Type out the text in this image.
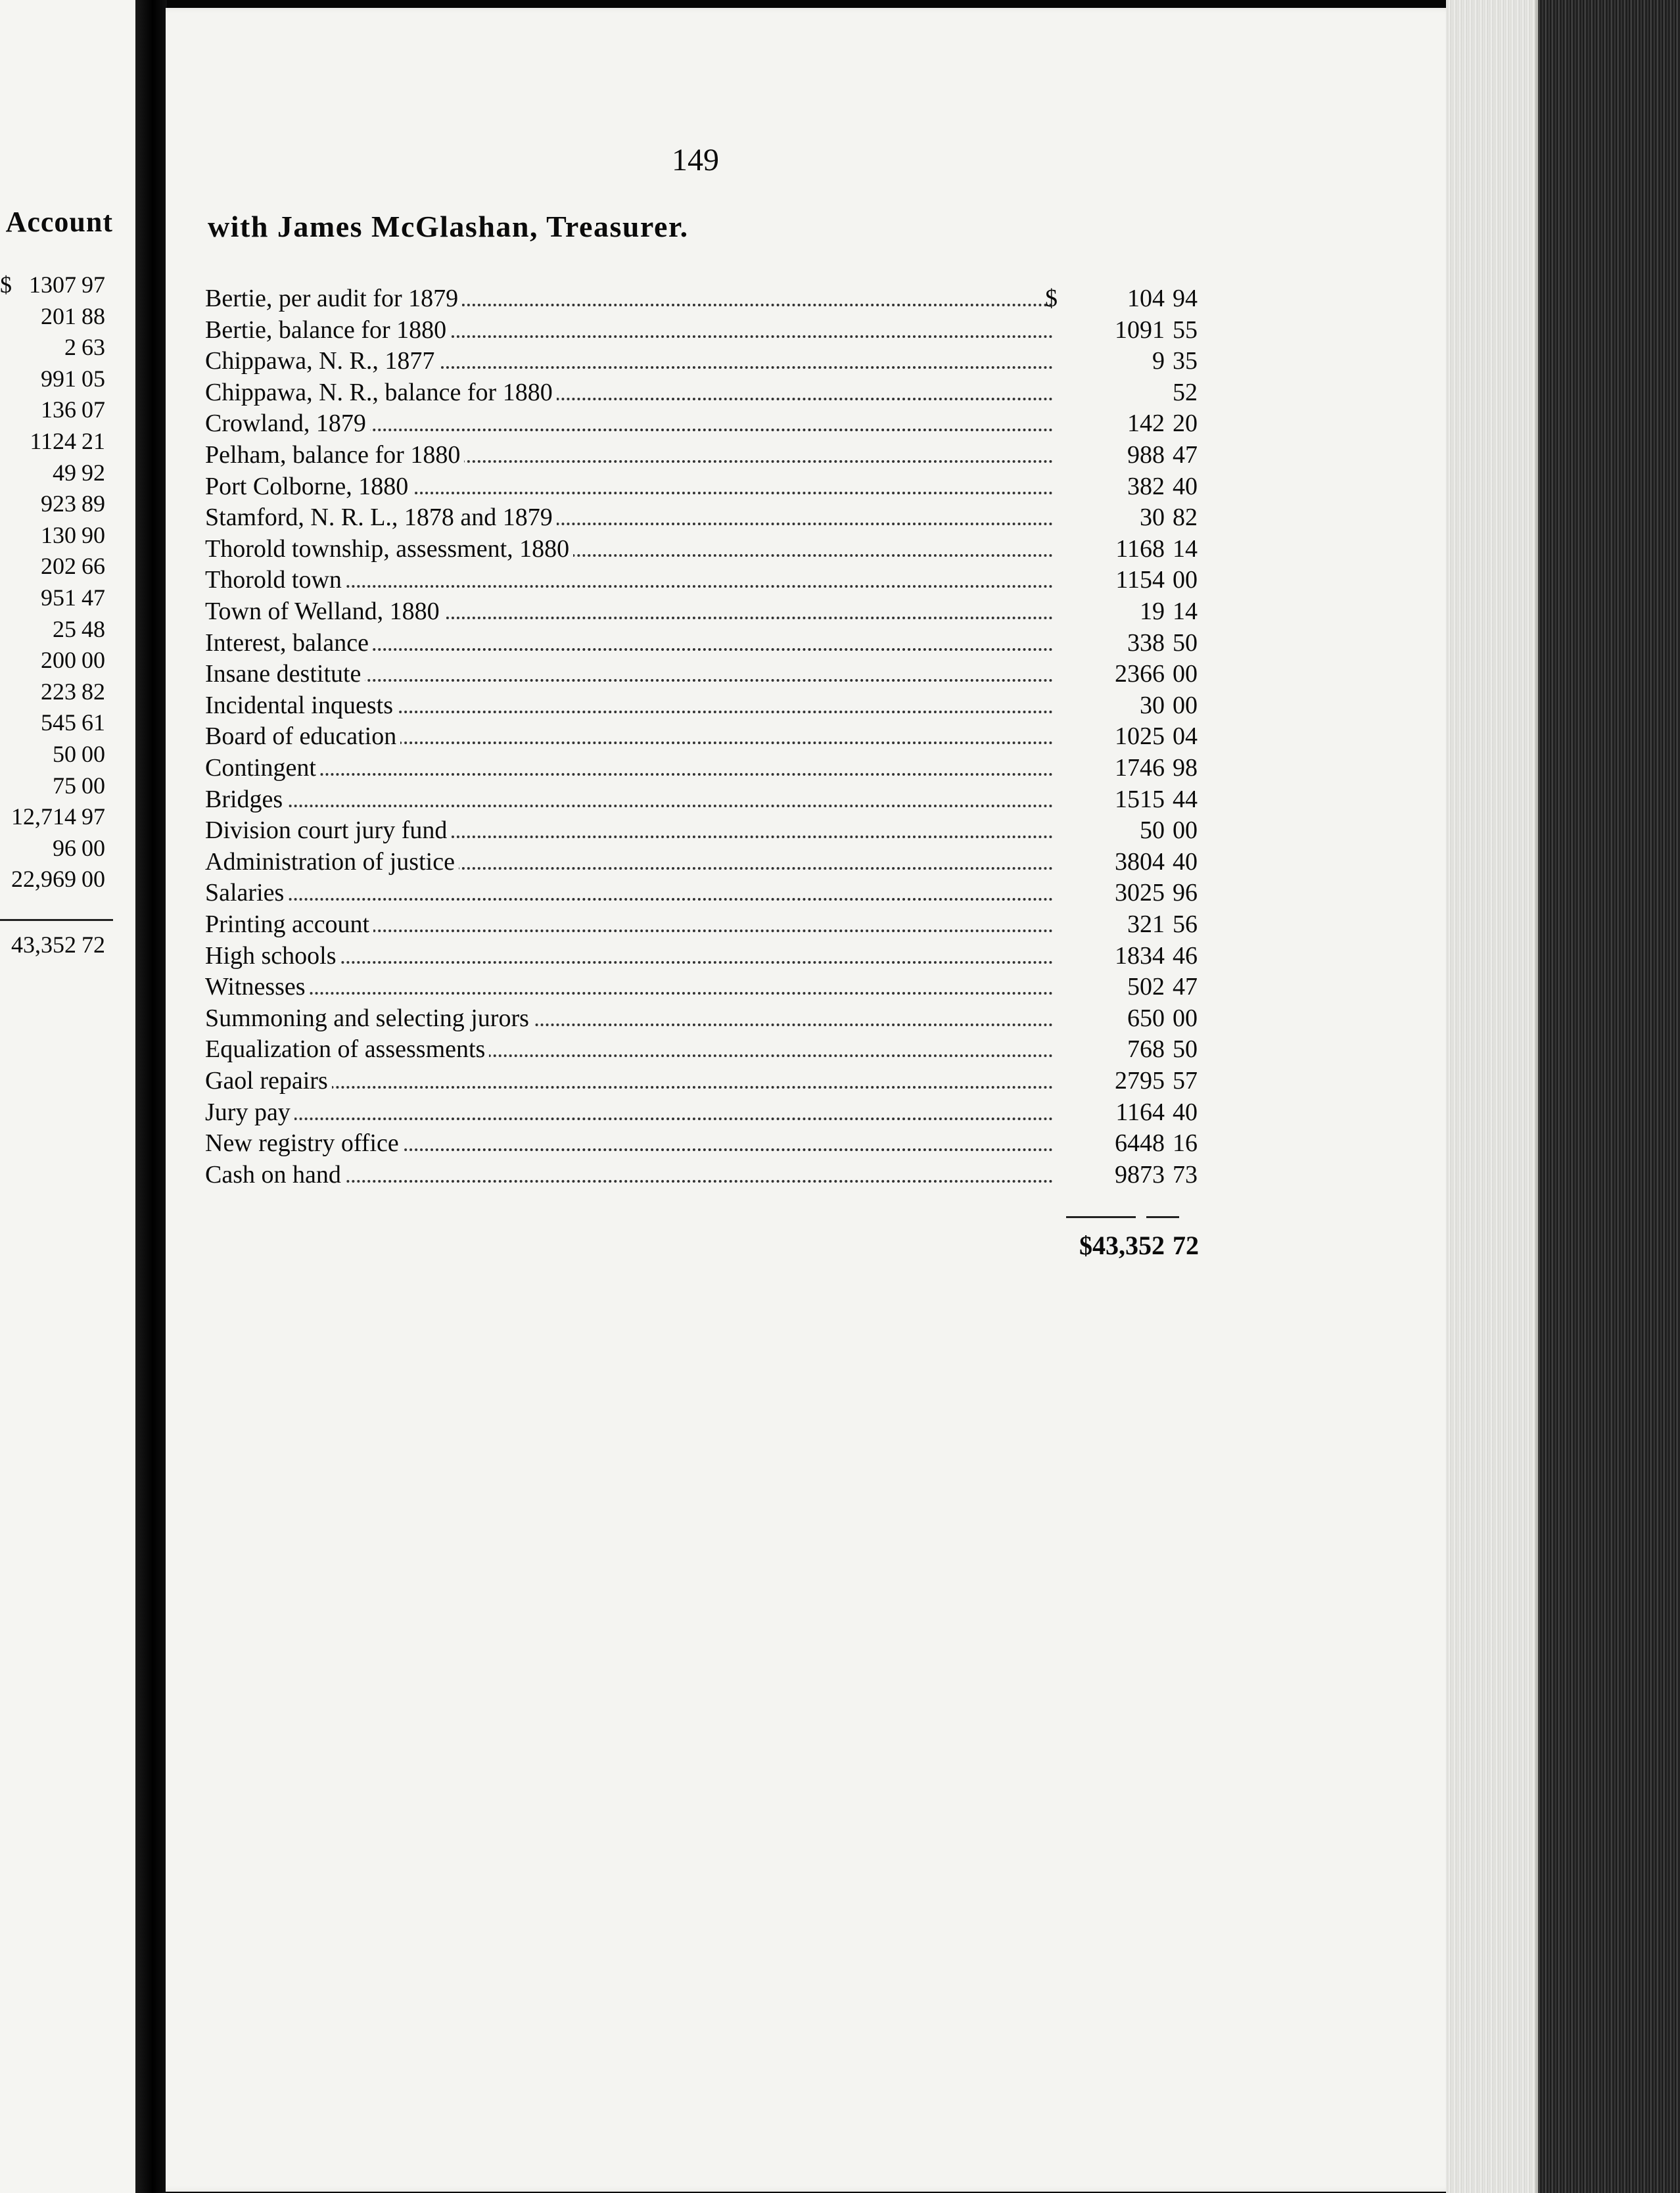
Account
$ 1307 97
201 88
2 63
991 05
136 07
1124 21
49 92
923 89
130 90
202 66
951 47
25 48
200 00
223 82
545 61
50 00
75 00
12,714 97
96 00
22,969 00
43,352 72
149
with James McGlashan, Treasurer.
Bertie, per audit for 1879	$	104 94
Bertie, balance for 1880	1091 55
Chippawa, N. R., 1877	9 35
Chippawa, N. R., balance for 1880	52
Crowland, 1879	142 20
Pelham, balance for 1880	988 47
Port Colborne, 1880	382 40
Stamford, N. R. L., 1878 and 1879	30 82
Thorold township, assessment, 1880	1168 14
Thorold town	1154 00
Town of Welland, 1880	19 14
Interest, balance	338 50
Insane destitute	2366 00
Incidental inquests	30 00
Board of education	1025 04
Contingent	1746 98
Bridges	1515 44
Division court jury fund	50 00
Administration of justice	3804 40
Salaries	3025 96
Printing account	321 56
High schools	1834 46
Witnesses	502 47
Summoning and selecting jurors	650 00
Equalization of assessments	768 50
Gaol repairs	2795 57
Jury pay	1164 40
New registry office	6448 16
Cash on hand	9873 73
$43,352 72
